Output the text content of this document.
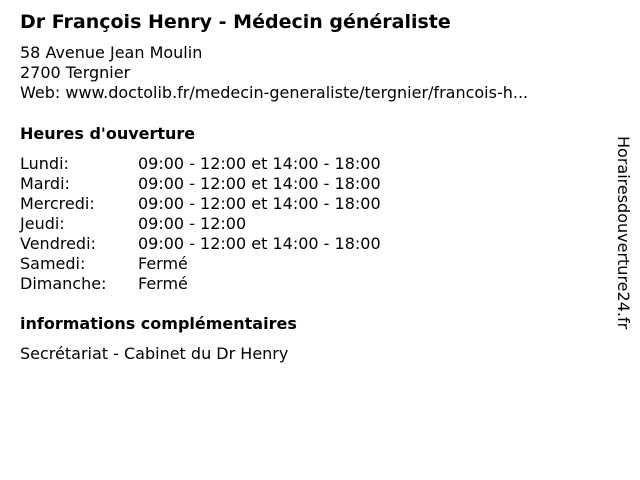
Dr François Henry - Médecin généraliste
58 Avenue Jean Moulin
2700 Tergnier
Web: www.doctolib.fr/medecin-generaliste/tergnier/francois-h...
Heures d'ouverture
Lundi:	09:00 - 12:00 et 14:00 - 18:00
Mardi:	09:00 - 12:00 et 14:00 - 18:00
Mercredi:	09:00 - 12:00 et 14:00 - 18:00
Jeudi:	09:00 - 12:00
Vendredi:	09:00 - 12:00 et 14:00 - 18:00
Samedi:	Fermé
Dimanche:	Fermé
informations complémentaires
Secrétariat - Cabinet du Dr Henry
Horairesdouverture24.fr
